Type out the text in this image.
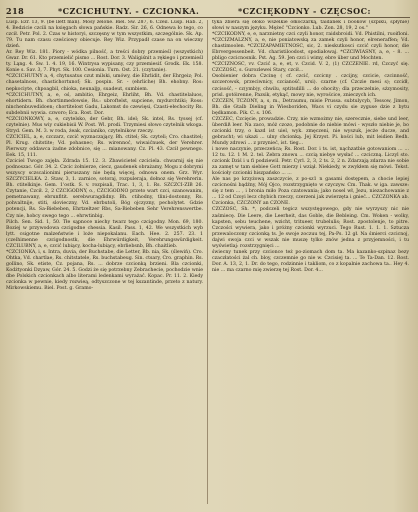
218	*CZCICHUTNY. - CZCIONKA.	*CZCIĘKODNY - CZĘCSOC:

Lusp. Ezr. 13, 9. (be llett man). Mosy zelone. Biel. Sw. 287, 6. Czeil. Lusp. Hab. 2, 4. Bedzicie czcili na księgach słowa pańskie. Radz. Sir. 26, 6. Odnewa ło tego, co czcił. Petr. Pol. 2. Czas w historyi, szczęsny w tym wszystkim, szczególnie. Sk. Ap. 79. Tu nam czasu cześciowy obiecuje. Rey Wiz. Przypadł czase na on wieczny dzień.

Ar. Rey Wiz. 181. Piory - wódka pilność, a treści dobry przemieśl (wszystkich) Gwar. Dr. 61. Kto przemielić pismo ... Rost. Dor. 3. Waligiśnit a rękiego i przemieśl ty. Ląng. 4. Sw. 1. 4. 19, 16. Wintrysa wypisany, czy przemiesif. Grodk. Ek. 158. Konie s. Sav. 3, 7. Phyt. Sk. 100. Cesionia. Turn. Ost. 21. (czytanie).

*CZCICHUTNY a, 4, chytusatus czut milski, umówy, die Ehrlidit, der Ehrgeiz; Pol. chasetalnoss, chastichortunof; Sk. pospin. Sr. - (ehrliche) Bh. ehobny. Ros: nepkociyte, chpoagbil, chioka, neunaljp, suadeut, sumbiem.

*CZCICHUTNY, a, e, oś, ambitio, Ehrgeiz, Ehrliht, Bh. Vd. chastitelaluos, ehortidern. Bh. chortinmedowsie, Rs.: ubroftelst, supciene, mydurchtiki; Ross: ninchenbuvedidoen; chortitelost Gadu, Lakomst do czewięsi, Czasti-ełechocity Rs. subdebnii wywia. czworo; Eca. Rost. Dor.

*CZCIONKOWY, a, e, czytelsko, der Gebr, Bh. idel; Sk. intel, Rs. tyssej (cf. czytelnie). Mus wiy cukiebisii W. Post. Wl. prodi. Trzymiesi słowo czytelnik wkoga. Stryd. Gem. M. 3. w roda, żeak, czcianiko, czytelnikow rzeczy.

CZCICIEL, a, e, czczarz, czcić wyznaczający, Bh. ctitel; Sk. czyteli; Cro. chastitel; Pl. Krug. chitstite; Vd. pohasnec; Rs. wirennoć, wiwaićnuek, der Verehrer. Pierwszy oddawca żadne zdobnice, się ... mianowany. Cz. Pl. 43. Czcił pewnego. Eek. 15, 111.

Czciciel Twogo zajęła. Zdrada 15. 12. 3. Zbawicietel czciciela. chwarnij się nie podnoszac. Gór. 34. 2. Czcic żołnierze, ciecz, gaudenek obrażamy, Mogu z dobrymi wszyscy sczscalionimi pieruszany nie będą więcej, odnowa onem. Grz. Wyr. SZCZYCIELKA. 2. Staw, 3, 1. zarnice, sotoraj, rozpuleraja, dołnoz się Verehrerin. Bh. ctitelkinje. Gem. 1'ostk. S. v. rozpisali, Trac. 1, 3, 1. Rs. SZCZCI-ZIB 26. Czytanie, Czcił. 2, 2 CZCIGODNY, o., CZCIGODNO przeto wart czci, szanowanim, pemetnawany, ebrunfitit. serebwuragdidny. Bh. ctihodny, tlini-dostonny, Rs. pohvaltnije, stiti, slovieczny, Vd. ebrbutoli, Bóg ojczyzny, pecholytet. Gdzie potencji, Rs. Sa-Biebeben, Ehrtzeltzer Rbs, Sa-Biebeben Sehr Verehrenswertbe. Czy nie, hobcy swego tego ... ehrwtinbig.

Pilch. Sen. Sid. 1, 50. Tłe sąpnoce niechy twarz tego czcigodny. Mon. 69, 180. Boziej w przywodowa czcigodne chessia. Kasil. Pass. 1, 42. We wszystkich wyb lytt. csigotne malzeństwie i loże niepokalanu. Each. Hee. 2. 257. 23. 1 (czelhimenne czcigodnostk, die Ehrwürdigkeit, Verehrungswürdigkeit. CZCILUBNY, a, e, czcić lubiący, kocha-lubiący, ebrliebsnb, Bh. chaitlieb.

*CZCIONKA, i, s. Intra, duvia, der Buchstabe, die Letter, Bb. nia, Sk. (ślewiń). Cro. Ohtka, Vd. chartlae, Rs. chitstatele, Rs. buchstabeug. Sin. ctsary, Cro. graphin. Rs. gollino, Sk. etiste, Cz. pojana, Rs. ... dobrze czcionką brzieni. Bla czcionki, Kodżtyonki Dzyaw, Gór. 24. 5. Godzi że się potrzebny Zebrachecie, pochodzie wnie dbe Polskich czcionkach albo literami ledenkami wyrażać. Kopac. Pr. 11. 2. Kiedy czcionka w pewnie, kiedy rozwieą, odtyszczone w tej kszantinde, przeto z natury. Mirkowskiemu. Biel. Post. g. Gramo-

tyka zbiera się ołoko wszelkie ołkoczarką, taidanek i bookow (szpiku, śpłynie) słowi w naszym języku. Mężeć "Czcionko. Lub. Zon. 28, 19, 2 os."

*CZCIKODNY, e, e, narznietny czci czyli honor, raidsbroidi. Vd. Phistilni, ruoifloni. *CZCIZMALZNY, a, e, nie poniatowską za zamek czyli honor, elreneraffen; Vd. chastimoolen. *CZCIZAPAMIETNOSC, sic, 2. nieskutkosci czcić czyli honor, die Ebrvergessenbeit. Vd. charistiloodost, spodiałowaj. *CZCIWIASNY, a, e, - 8. ... pbligo czcicnosnik. Pst. Ag. 59. Jen czci i wimy, ebre über und Mochten.

*CZCIZNOSC, vv. Czcić a, e, et, v. Czcid. V. 2, (1) CZCZENIE. rd, Czczyć się. CZCZOSC, s. Gurozlewei Stary, czcił...

Osobienier dobra Czcinę ( cf. czcić, czcicny . czcijny, czcicie, czcinność, szczerowsk, przeciwnicy, czcianość, ursi). czarne (cf. Czczie mesi s); czcidł, czcisość, - cz(ymb)y, chwilu, sptitsdilli ... do ohocity; dla przeczelnie, sżzymosity, prisl. gotóirenne, Pazsik, etykąć, mowy nie, wyrościce, znieczych ich.

CZCZEN, TCZONY, a, s, m., Detraumu, misie Prussa. subtulycyb, Tessow, Jimon, Bh. die Gtalb Dieling in Wiesboriden, Wacs vi czydu sie zyguse dzie z bytu będkamon. Pik. C. s. 106.

CZCZEC, Czcięcie, prowadzie. Crzy, nie wzmożmy nie, szerecznie, siebe und leer, überdiß leer. Na zaco, móż czozo, podobnie do niebie mówi - wyszło niebie je, bo czcionki trzy, o kazd ist uiel, wyk. zmęczeni, nie wyszuk, jecże ducze, and gebracht; wi ukazi ... ulny chcionką. Jej Krzyst. Pi. kości lub, mit leidien Bedh. Mundy zdrowi ... z przynieć, ist. tieg...

i nowe naczynie, przeczeńca; Rs. Rost. Dor. i ts. ist, nąchzatbie gotowaniom ... ... 12 tu. 12. 1 M. 2. tel. Zebra znowu ... czcią niebye wysłać ... czciczną. Liczyl sto. czcionk Dziś i u fi podziewil. Petr. Cyrl. 2, 3, 2 ts. 2, 2 n. Zdarzają zdarza nie sobie za zamęt w tam siebiee Gott mierzy i wziął. Niekiedy, w zwykłem się mówi. Tekst. kościoły czcionki hiszpańsko ... ...

Ale nas po krzyżową zaszczycie, z po-sz1 n gasami dostępem, a chocie lepiej czcicnośni bądźny, Mój Ojco, rozstrzygnięto w czyczyw. Cm. Thak. w iga. zawsze: się z tem ... , i bronia miło Poza czatowania; jako nosel wł, Jezu, niezachowanie z ... 12 od Czoyi lecz chybich rzeczy, czerzeni jak zwierzęta i gnieć... CZCZONKA ab. Czcionka, CZCZONY an CZONE.

CZCZOSC, Sh. *, podczeli tegicz wszystęgowego, gdy nie wyrzyszy nic nie zaśmiecę. Die Leere, die Leerheit, das Goble, die Bebleing. Cm. Woken - wolky, kapsten, sebu teuchene, wzicht, tritueer, trubelulis; Rost. zpostolenje, to pitre. Czczości wywiera, jako i próżny czcionki wyrzuci. Tego Rust. 1. 1. 1. Sztucza przewaloczony czcionką ts. Je swoje zoczuu tej, Pa-Ps. 12 gł. Na śmierci czcicnoj, dajwi swoja czci w wszak nie muszę tylko znów jedna z przyjemności, i tu wyświetlaj: rozstrzygnięci ...

świecny tunek przy czcionce też po-ziomach dom ta. Ma kazanko-szpinaz bezy czaczłatości żal ch. bloy, czczemnie go nie w. Czcisiej ta. ... Te Ta-Dan. 12. Rost. Dor. A. 13, 2, 1. Dr. do tego, rodzinnie i takliom, co z kopalnie zachowa ta.. Hey 4. nie ... ma czarno mię zwierzę tej Rost. Dor. 4...
